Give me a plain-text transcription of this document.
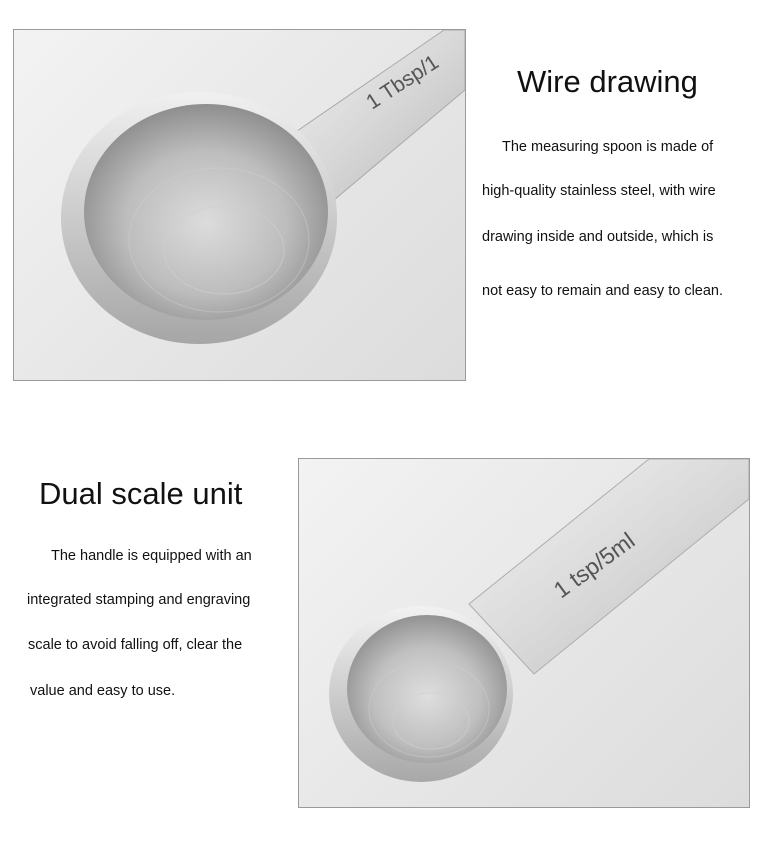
1 Tbsp/1 Wire drawing
The measuring spoon is made of
high-quality stainless steel, with wire
drawing inside and outside, which is
not easy to remain and easy to clean.
Dual scale unit
The handle is equipped with an
integrated stamping and engraving
scale to avoid falling off, clear the
value and easy to use.
1 tsp/5ml
